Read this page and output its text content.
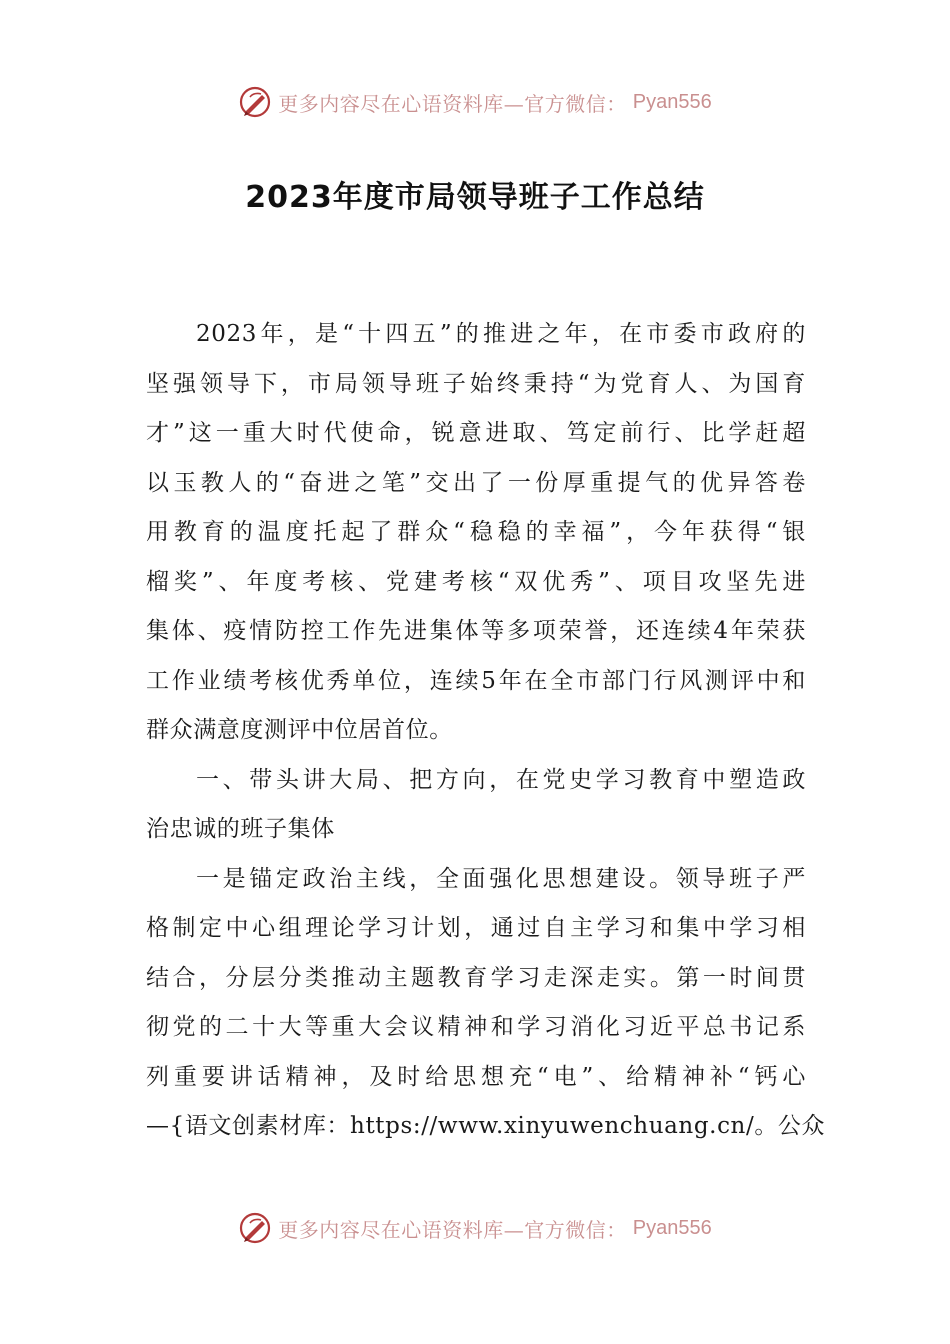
更多内容尽在心语资料库—官方微信： Pyan556
2023年度市局领导班子工作总结
2023年，是“十四五”的推进之年，在市委市政府的
坚强领导下，市局领导班子始终秉持“为党育人、为国育
才”这一重大时代使命，锐意进取、笃定前行、比学赶超
以玉教人的“奋进之笔”交出了一份厚重提气的优异答卷
用教育的温度托起了群众“稳稳的幸福”，今年获得“银
榴奖”、年度考核、党建考核“双优秀”、项目攻坚先进
集体、疫情防控工作先进集体等多项荣誉，还连续4年荣获
工作业绩考核优秀单位，连续5年在全市部门行风测评中和
群众满意度测评中位居首位。
一、带头讲大局、把方向，在党史学习教育中塑造政
治忠诚的班子集体
一是锚定政治主线，全面强化思想建设。领导班子严
格制定中心组理论学习计划，通过自主学习和集中学习相
结合，分层分类推动主题教育学习走深走实。第一时间贯
彻党的二十大等重大会议精神和学习消化习近平总书记系
列重要讲话精神，及时给思想充“电”、给精神补“钙心
—{语文创素材库：https://www.xinyuwenchuang.cn/。公众
更多内容尽在心语资料库—官方微信： Pyan556
